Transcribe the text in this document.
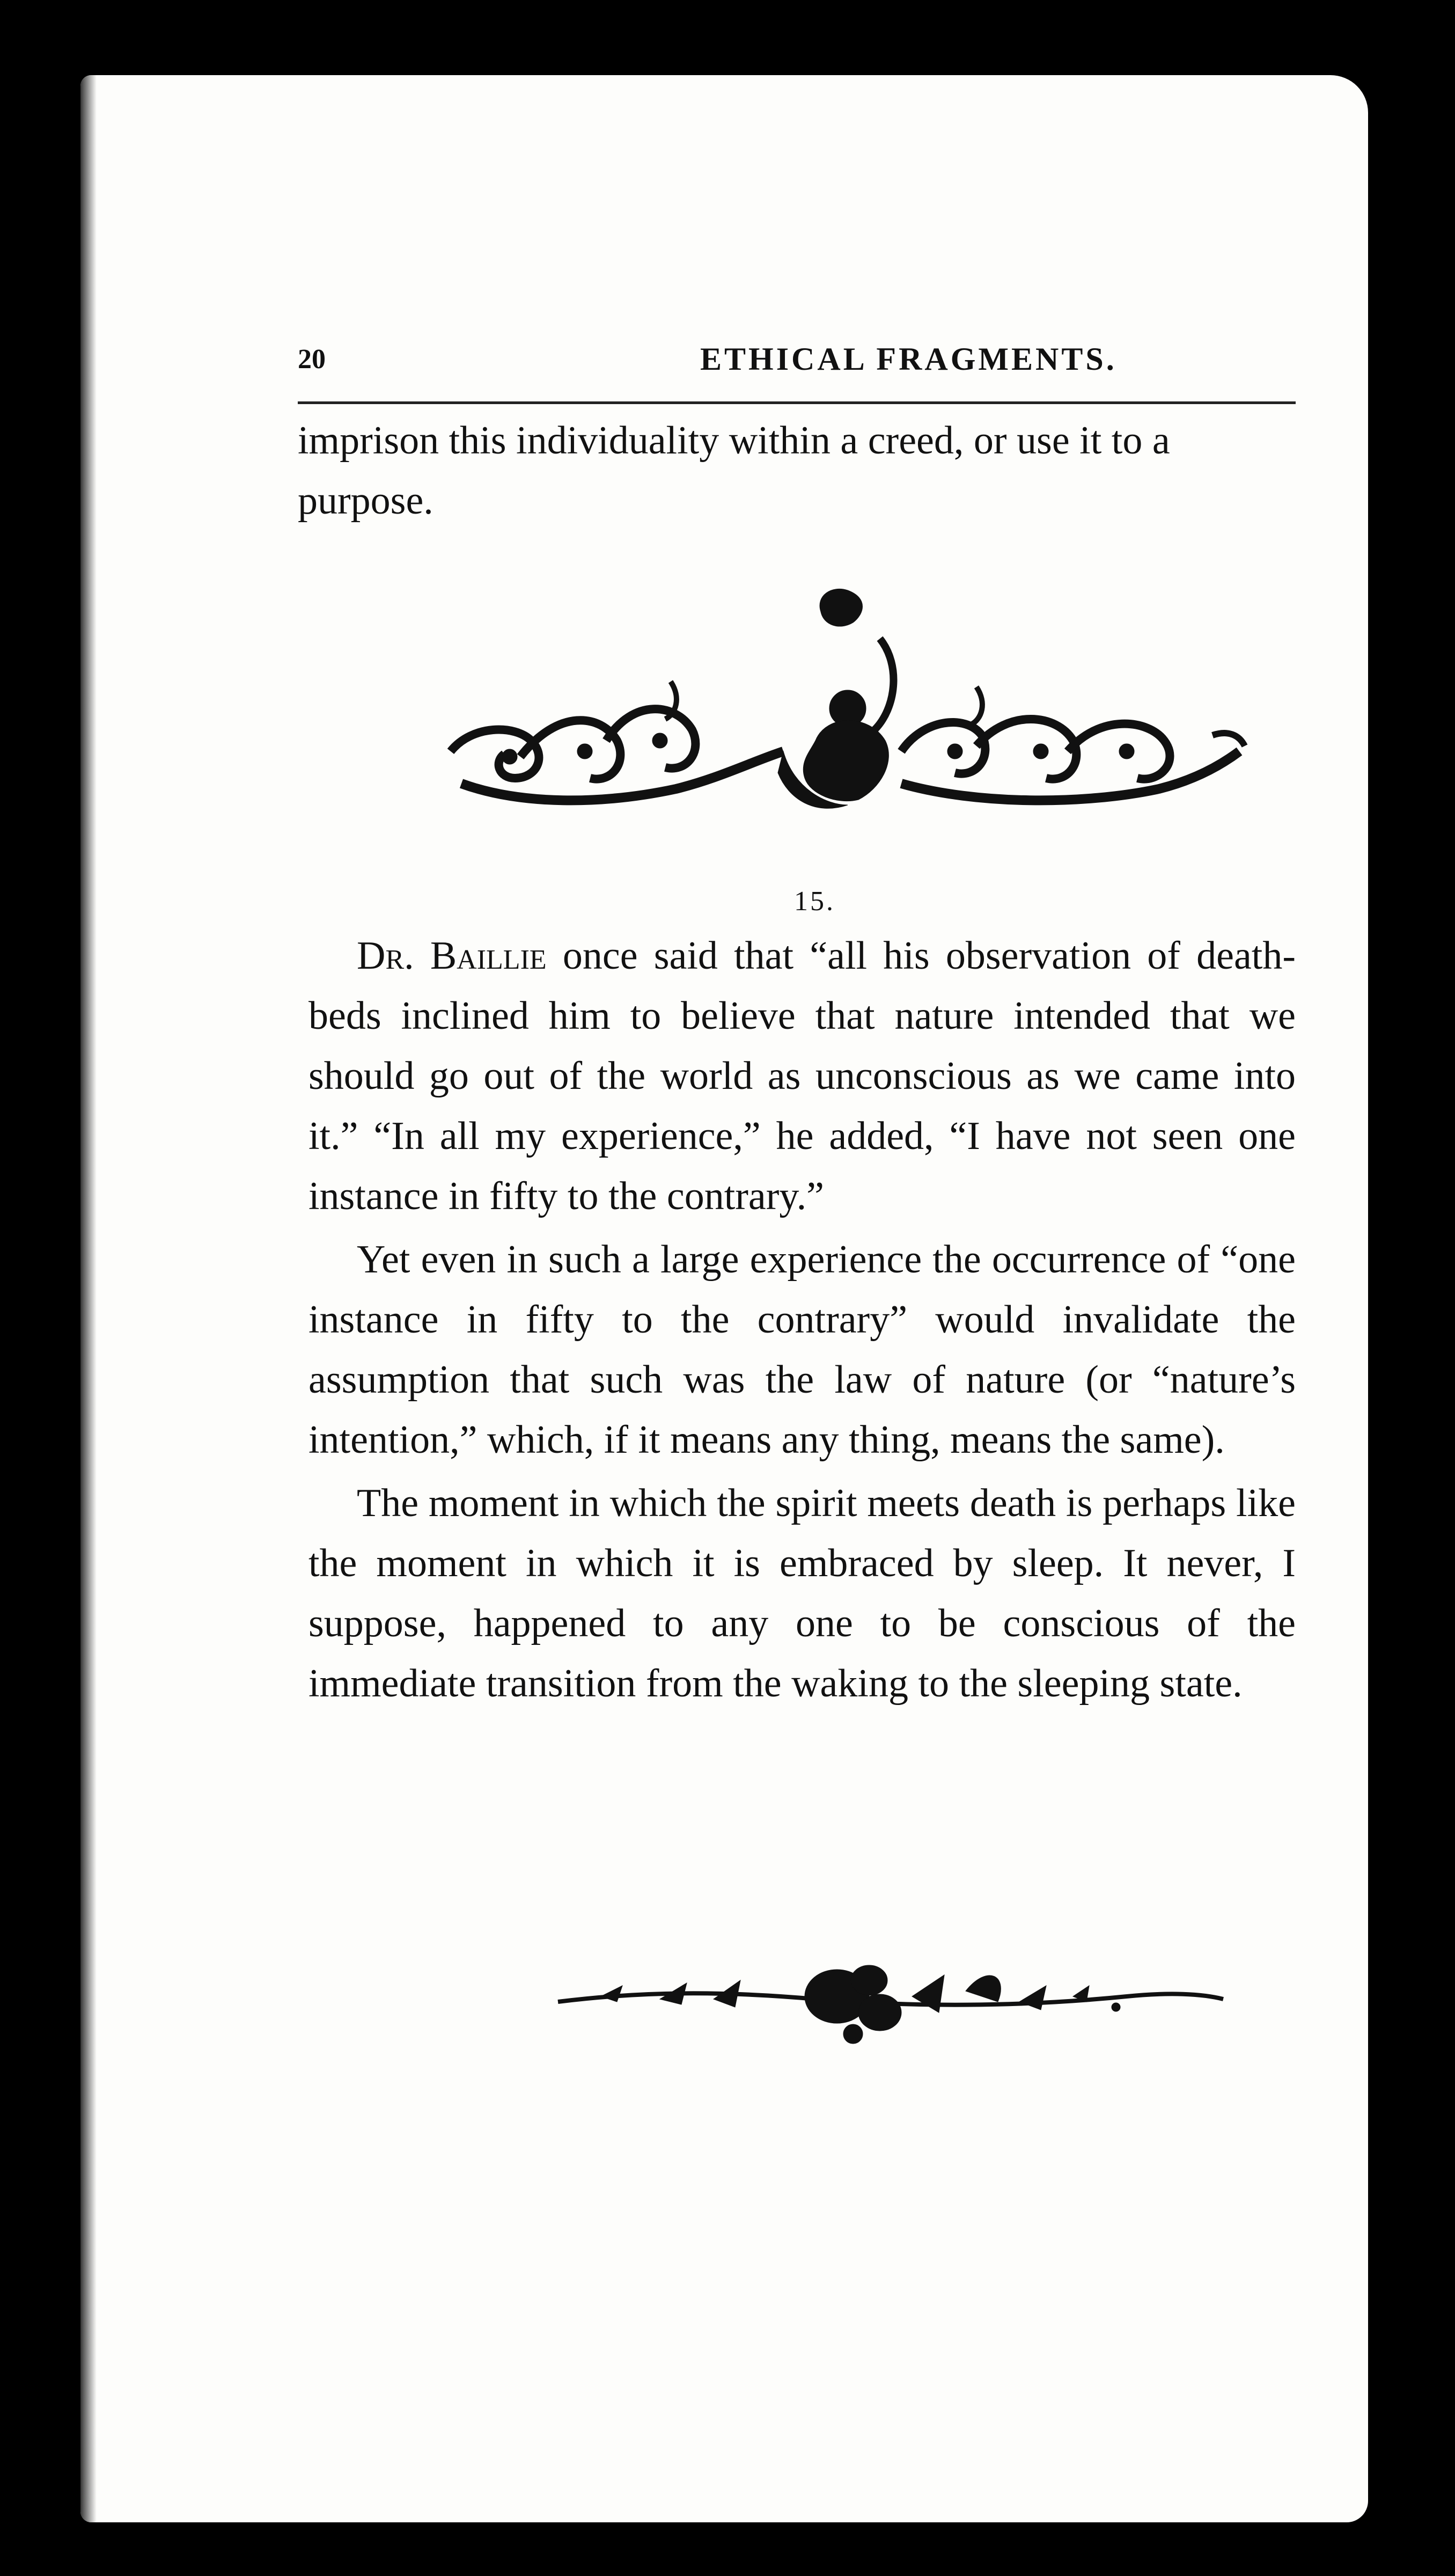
20	ETHICAL FRAGMENTS.

imprison this individuality within a creed, or use it to a purpose.

15.

Dr. Baillie once said that “all his observation of death-beds inclined him to believe that nature intended that we should go out of the world as unconscious as we came into it.” “In all my experience,” he added, “I have not seen one instance in fifty to the contrary.”

Yet even in such a large experience the occurrence of “one instance in fifty to the contrary” would invalidate the assumption that such was the law of nature (or “nature’s intention,” which, if it means any thing, means the same).

The moment in which the spirit meets death is perhaps like the moment in which it is embraced by sleep. It never, I suppose, happened to any one to be conscious of the immediate transition from the waking to the sleeping state.
